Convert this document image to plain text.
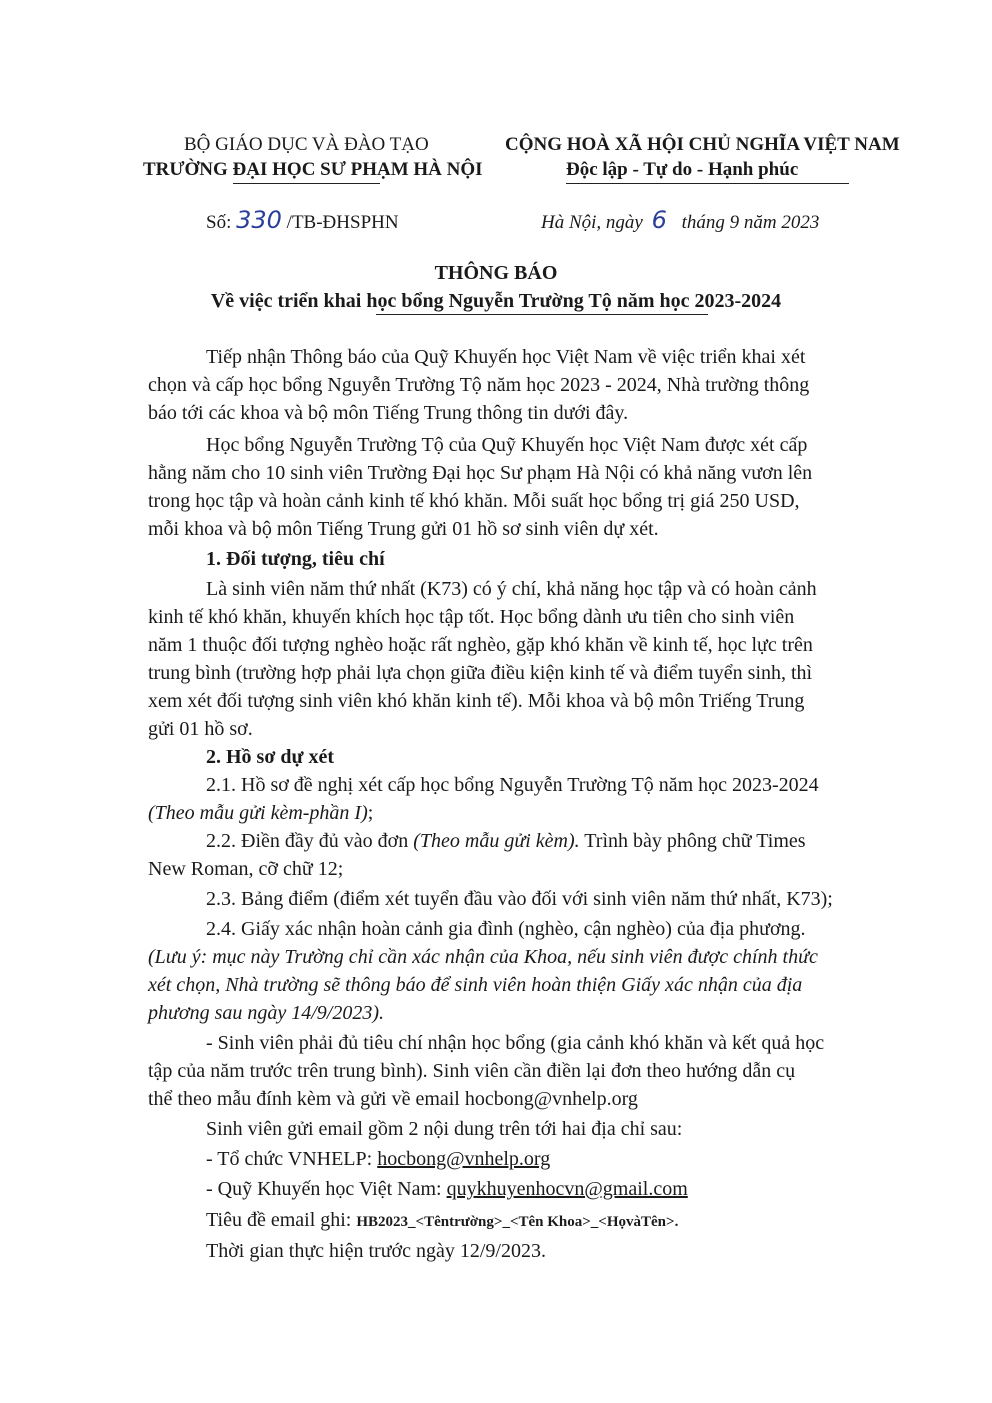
BỘ GIÁO DỤC VÀ ĐÀO TẠO
TRƯỜNG ĐẠI HỌC SƯ PHẠM HÀ NỘI
CỘNG HOÀ XÃ HỘI CHỦ NGHĨA VIỆT NAM
Độc lập - Tự do - Hạnh phúc
Số: 330 /TB-ĐHSPHN	Hà Nội, ngày 6 tháng 9 năm 2023
THÔNG BÁO
Về việc triển khai học bổng Nguyễn Trường Tộ năm học 2023-2024
Tiếp nhận Thông báo của Quỹ Khuyến học Việt Nam về việc triển khai xét
chọn và cấp học bổng Nguyễn Trường Tộ năm học 2023 - 2024, Nhà trường thông
báo tới các khoa và bộ môn Tiếng Trung thông tin dưới đây.
Học bổng Nguyễn Trường Tộ của Quỹ Khuyến học Việt Nam được xét cấp
hằng năm cho 10 sinh viên Trường Đại học Sư phạm Hà Nội có khả năng vươn lên
trong học tập và hoàn cảnh kinh tế khó khăn. Mỗi suất học bổng trị giá 250 USD,
mỗi khoa và bộ môn Tiếng Trung gửi 01 hồ sơ sinh viên dự xét.
1. Đối tượng, tiêu chí
Là sinh viên năm thứ nhất (K73) có ý chí, khả năng học tập và có hoàn cảnh
kinh tế khó khăn, khuyến khích học tập tốt. Học bổng dành ưu tiên cho sinh viên
năm 1 thuộc đối tượng nghèo hoặc rất nghèo, gặp khó khăn về kinh tế, học lực trên
trung bình (trường hợp phải lựa chọn giữa điều kiện kinh tế và điểm tuyển sinh, thì
xem xét đối tượng sinh viên khó khăn kinh tế). Mỗi khoa và bộ môn Triếng Trung
gửi 01 hồ sơ.
2. Hồ sơ dự xét
2.1. Hồ sơ đề nghị xét cấp học bổng Nguyễn Trường Tộ năm học 2023-2024
(Theo mẫu gửi kèm-phần I);
2.2. Điền đầy đủ vào đơn (Theo mẫu gửi kèm). Trình bày phông chữ Times
New Roman, cỡ chữ 12;
2.3. Bảng điểm (điểm xét tuyển đầu vào đối với sinh viên năm thứ nhất, K73);
2.4. Giấy xác nhận hoàn cảnh gia đình (nghèo, cận nghèo) của địa phương.
(Lưu ý: mục này Trường chỉ cần xác nhận của Khoa, nếu sinh viên được chính thức
xét chọn, Nhà trường sẽ thông báo để sinh viên hoàn thiện Giấy xác nhận của địa
phương sau ngày 14/9/2023).
- Sinh viên phải đủ tiêu chí nhận học bổng (gia cảnh khó khăn và kết quả học
tập của năm trước trên trung bình). Sinh viên cần điền lại đơn theo hướng dẫn cụ
thể theo mẫu đính kèm và gửi về email hocbong@vnhelp.org
Sinh viên gửi email gồm 2 nội dung trên tới hai địa chỉ sau:
- Tổ chức VNHELP: hocbong@vnhelp.org
- Quỹ Khuyến học Việt Nam: quykhuyenhocvn@gmail.com
Tiêu đề email ghi: HB2023_<Têntrường>_<Tên Khoa>_<HọvàTên>.
Thời gian thực hiện trước ngày 12/9/2023.
